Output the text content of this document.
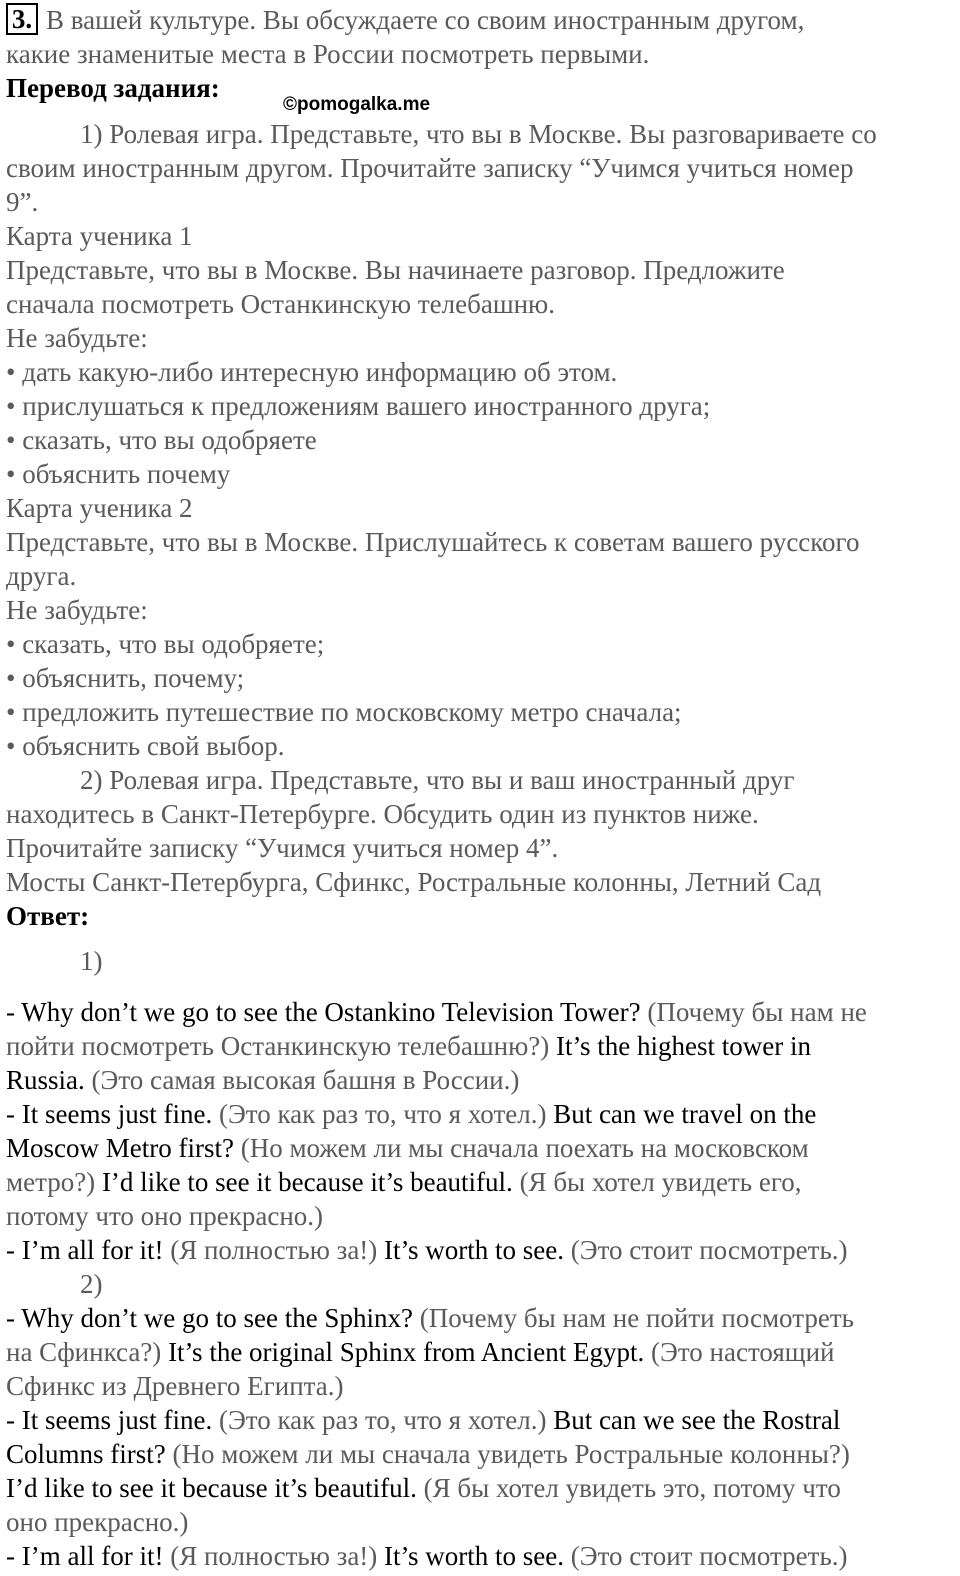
3. В вашей культуре. Вы обсуждаете со своим иностранным другом,
какие знаменитые места в России посмотреть первыми.
Перевод задания:
©pomogalka.me
1) Ролевая игра. Представьте, что вы в Москве. Вы разговариваете со
своим иностранным другом. Прочитайте записку “Учимся учиться номер
9”.
Карта ученика 1
Представьте, что вы в Москве. Вы начинаете разговор. Предложите
сначала посмотреть Останкинскую телебашню.
Не забудьте:
• дать какую-либо интересную информацию об этом.
• прислушаться к предложениям вашего иностранного друга;
• сказать, что вы одобряете
• объяснить почему
Карта ученика 2
Представьте, что вы в Москве. Прислушайтесь к советам вашего русского
друга.
Не забудьте:
• сказать, что вы одобряете;
• объяснить, почему;
• предложить путешествие по московскому метро сначала;
• объяснить свой выбор.
2) Ролевая игра. Представьте, что вы и ваш иностранный друг
находитесь в Санкт-Петербурге. Обсудить один из пунктов ниже.
Прочитайте записку “Учимся учиться номер 4”.
Мосты Санкт-Петербурга, Сфинкс, Ростральные колонны, Летний Сад
Ответ:
1)
- Why don’t we go to see the Ostankino Television Tower? (Почему бы нам не
пойти посмотреть Останкинскую телебашню?) It’s the highest tower in
Russia. (Это самая высокая башня в России.)
- It seems just fine. (Это как раз то, что я хотел.) But can we travel on the
Moscow Metro first? (Но можем ли мы сначала поехать на московском
метро?) I’d like to see it because it’s beautiful. (Я бы хотел увидеть его,
потому что оно прекрасно.)
- I’m all for it! (Я полностью за!) It’s worth to see. (Это стоит посмотреть.)
2)
- Why don’t we go to see the Sphinx? (Почему бы нам не пойти посмотреть
на Сфинкса?) It’s the original Sphinx from Ancient Egypt. (Это настоящий
Сфинкс из Древнего Египта.)
- It seems just fine. (Это как раз то, что я хотел.) But can we see the Rostral
Columns first? (Но можем ли мы сначала увидеть Ростральные колонны?)
I’d like to see it because it’s beautiful. (Я бы хотел увидеть это, потому что
оно прекрасно.)
- I’m all for it! (Я полностью за!) It’s worth to see. (Это стоит посмотреть.)
